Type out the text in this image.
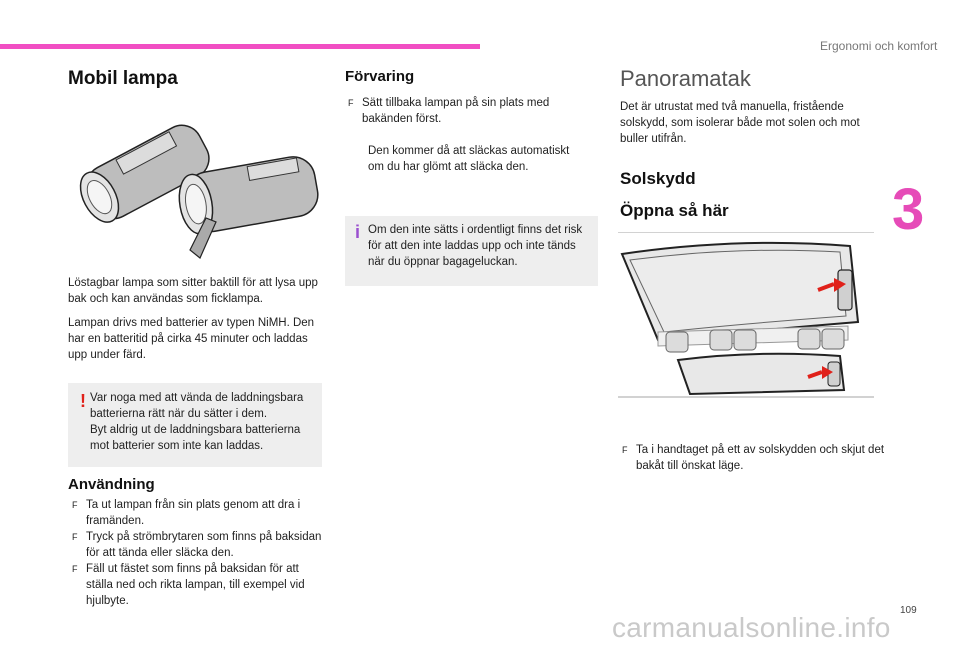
Ergonomi och komfort
3
Mobil lampa

Löstagbar lampa som sitter baktill för att lysa upp bak och kan användas som ficklampa.

Lampan drivs med batterier av typen NiMH. Den har en batteritid på cirka 45 minuter och laddas upp under färd.

! Var noga med att vända de laddningsbara batterierna rätt när du sätter i dem.

Byt aldrig ut de laddningsbara batterierna mot batterier som inte kan laddas.

Användning
F Ta ut lampan från sin plats genom att dra i framänden.
F Tryck på strömbrytaren som finns på baksidan för att tända eller släcka den.
F Fäll ut fästet som finns på baksidan för att ställa ned och rikta lampan, till exempel vid hjulbyte.
Förvaring
F Sätt tillbaka lampan på sin plats med bakänden först.

Den kommer då att släckas automatiskt om du har glömt att släcka den.

i Om den inte sätts i ordentligt finns det risk för att den inte laddas upp och inte tänds när du öppnar bagageluckan.

Panoramatak

Det är utrustat med två manuella, fristående solskydd, som isolerar både mot solen och mot buller utifrån.

Solskydd
Öppna så här
F Ta i handtaget på ett av solskydden och skjut det bakåt till önskat läge.
109
carmanualsonline.info
